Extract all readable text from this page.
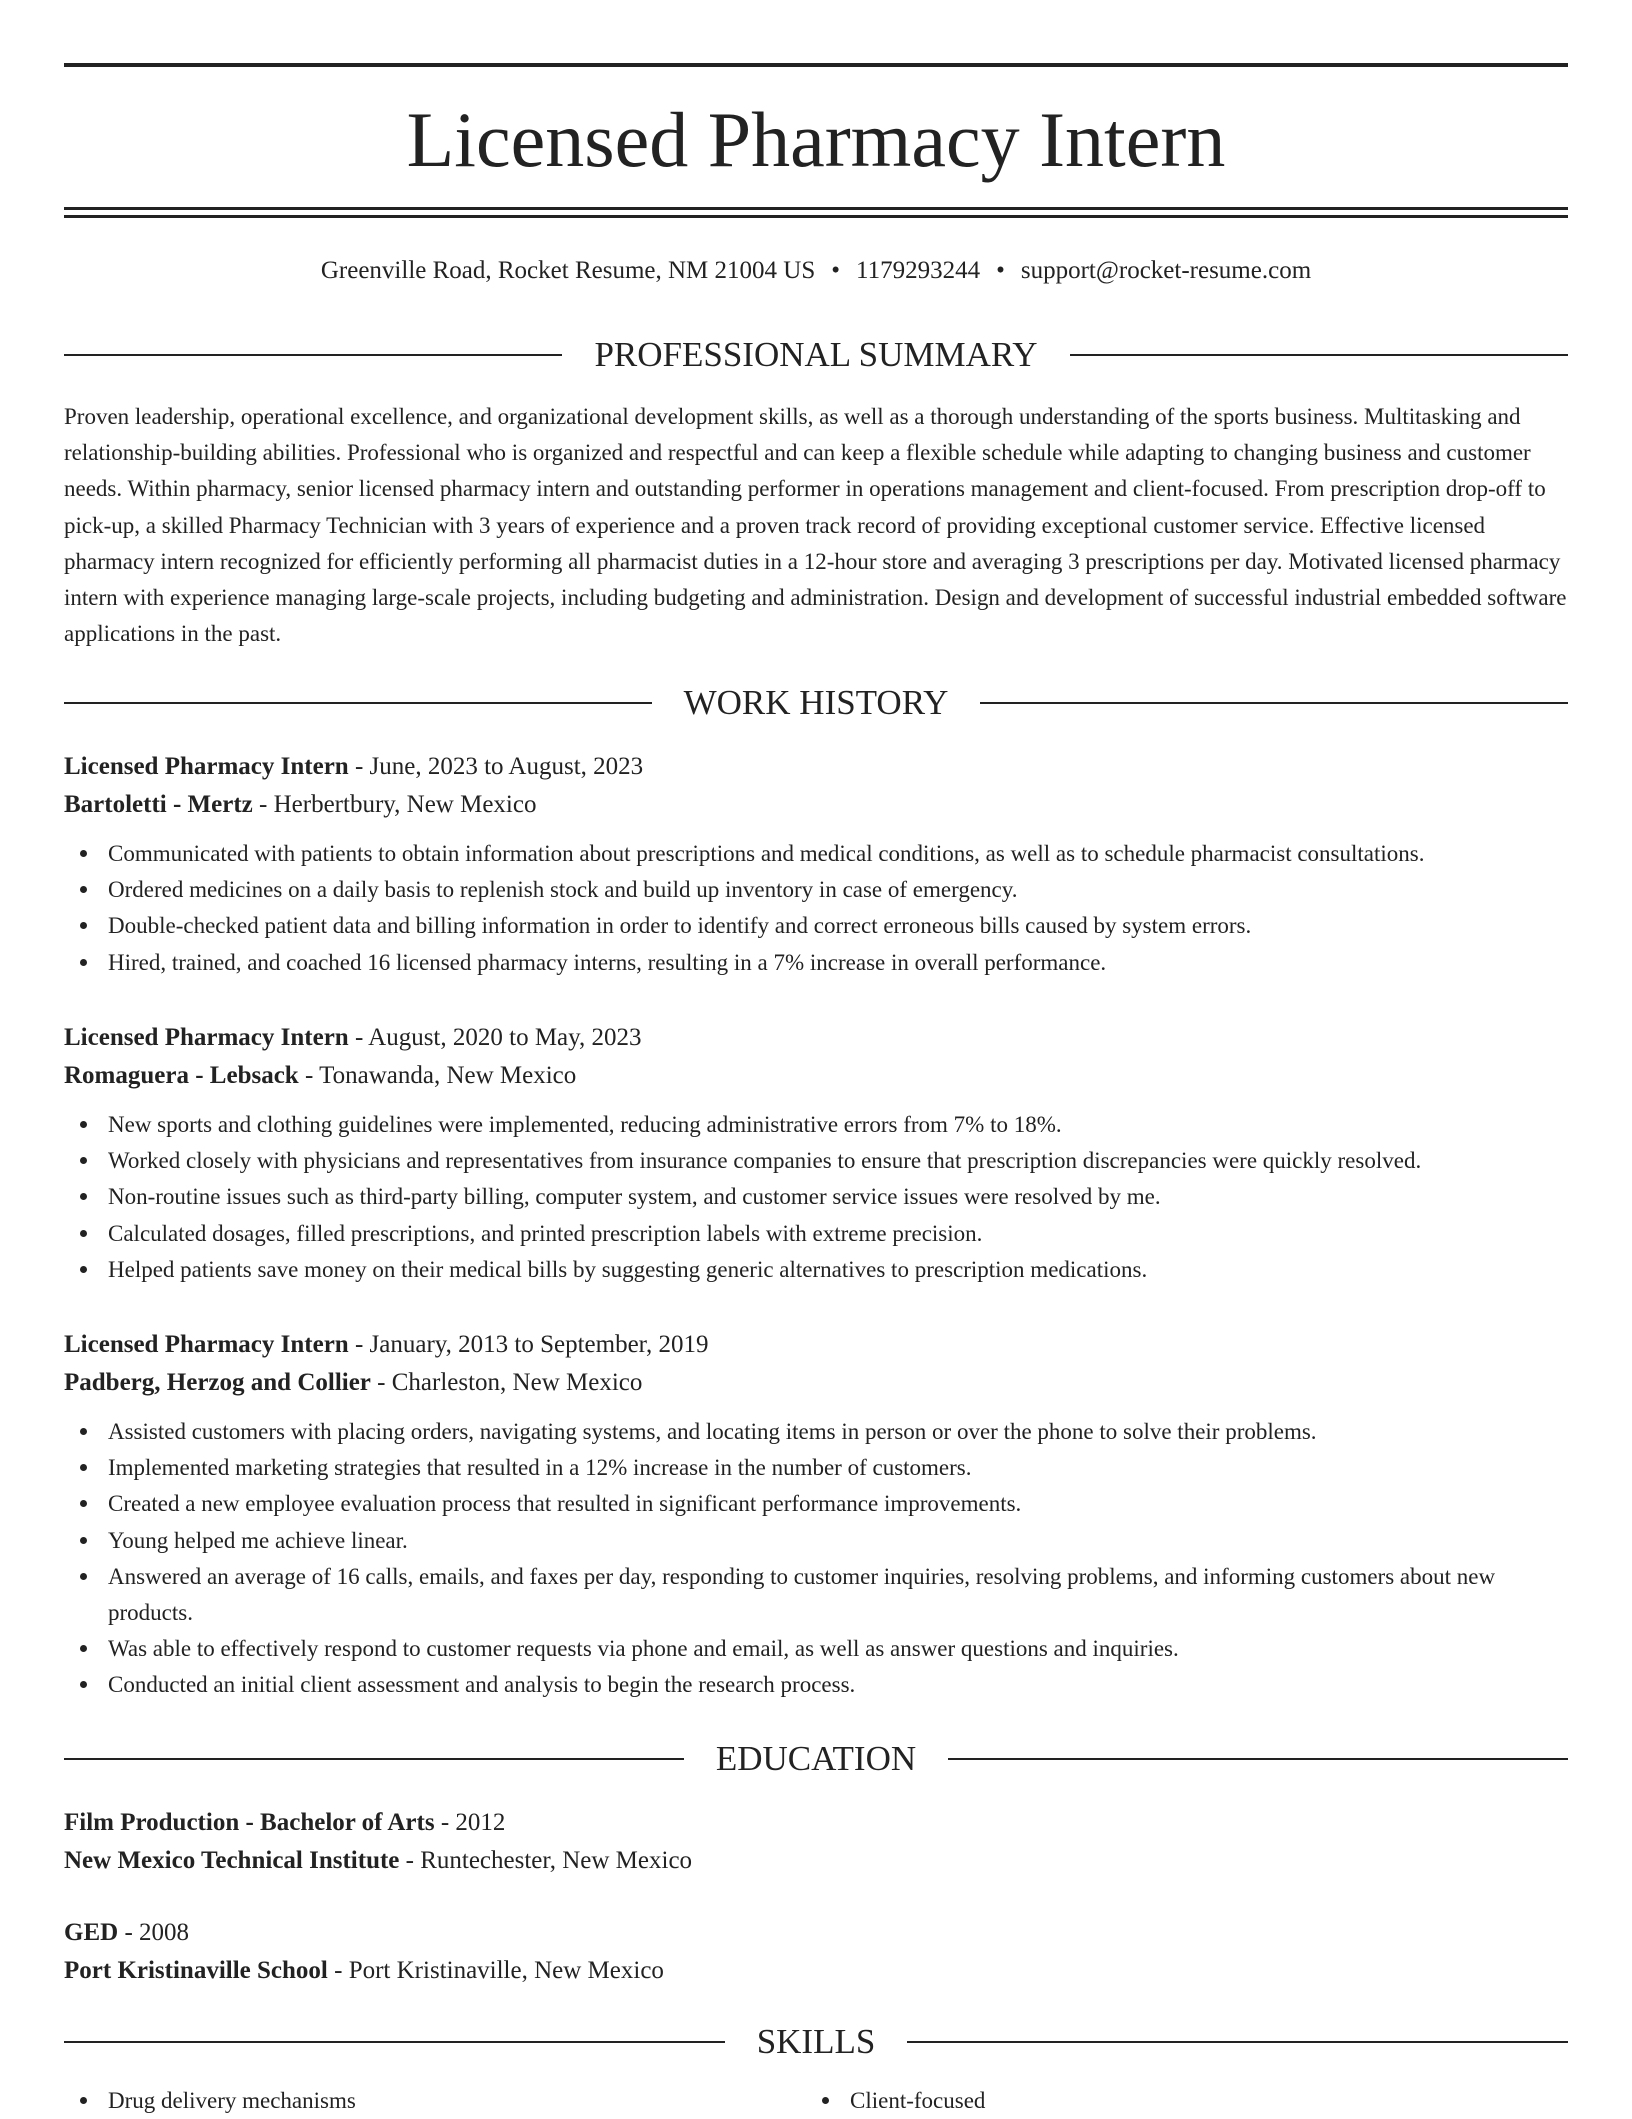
Licensed Pharmacy Intern
Greenville Road, Rocket Resume, NM 21004 US • 1179293244 • support@rocket-resume.com
PROFESSIONAL SUMMARY

Proven leadership, operational excellence, and organizational development skills, as well as a thorough understanding of the sports business. Multitasking and relationship-building abilities. Professional who is organized and respectful and can keep a flexible schedule while adapting to changing business and customer needs. Within pharmacy, senior licensed pharmacy intern and outstanding performer in operations management and client-focused. From prescription drop-off to pick-up, a skilled Pharmacy Technician with 3 years of experience and a proven track record of providing exceptional customer service. Effective licensed pharmacy intern recognized for efficiently performing all pharmacist duties in a 12-hour store and averaging 3 prescriptions per day. Motivated licensed pharmacy intern with experience managing large-scale projects, including budgeting and administration. Design and development of successful industrial embedded software applications in the past.

WORK HISTORY
Licensed Pharmacy Intern - June, 2023 to August, 2023
Bartoletti - Mertz - Herbertbury, New Mexico
Communicated with patients to obtain information about prescriptions and medical conditions, as well as to schedule pharmacist consultations.
Ordered medicines on a daily basis to replenish stock and build up inventory in case of emergency.
Double-checked patient data and billing information in order to identify and correct erroneous bills caused by system errors.
Hired, trained, and coached 16 licensed pharmacy interns, resulting in a 7% increase in overall performance.
Licensed Pharmacy Intern - August, 2020 to May, 2023
Romaguera - Lebsack - Tonawanda, New Mexico
New sports and clothing guidelines were implemented, reducing administrative errors from 7% to 18%.
Worked closely with physicians and representatives from insurance companies to ensure that prescription discrepancies were quickly resolved.
Non-routine issues such as third-party billing, computer system, and customer service issues were resolved by me.
Calculated dosages, filled prescriptions, and printed prescription labels with extreme precision.
Helped patients save money on their medical bills by suggesting generic alternatives to prescription medications.
Licensed Pharmacy Intern - January, 2013 to September, 2019
Padberg, Herzog and Collier - Charleston, New Mexico
Assisted customers with placing orders, navigating systems, and locating items in person or over the phone to solve their problems.
Implemented marketing strategies that resulted in a 12% increase in the number of customers.
Created a new employee evaluation process that resulted in significant performance improvements.
Young helped me achieve linear.
Answered an average of 16 calls, emails, and faxes per day, responding to customer inquiries, resolving problems, and informing customers about new products.
Was able to effectively respond to customer requests via phone and email, as well as answer questions and inquiries.
Conducted an initial client assessment and analysis to begin the research process.
EDUCATION
Film Production - Bachelor of Arts - 2012
New Mexico Technical Institute - Runtechester, New Mexico
GED - 2008
Port Kristinaville School - Port Kristinaville, New Mexico
SKILLS
Drug delivery mechanisms	Client-focused
